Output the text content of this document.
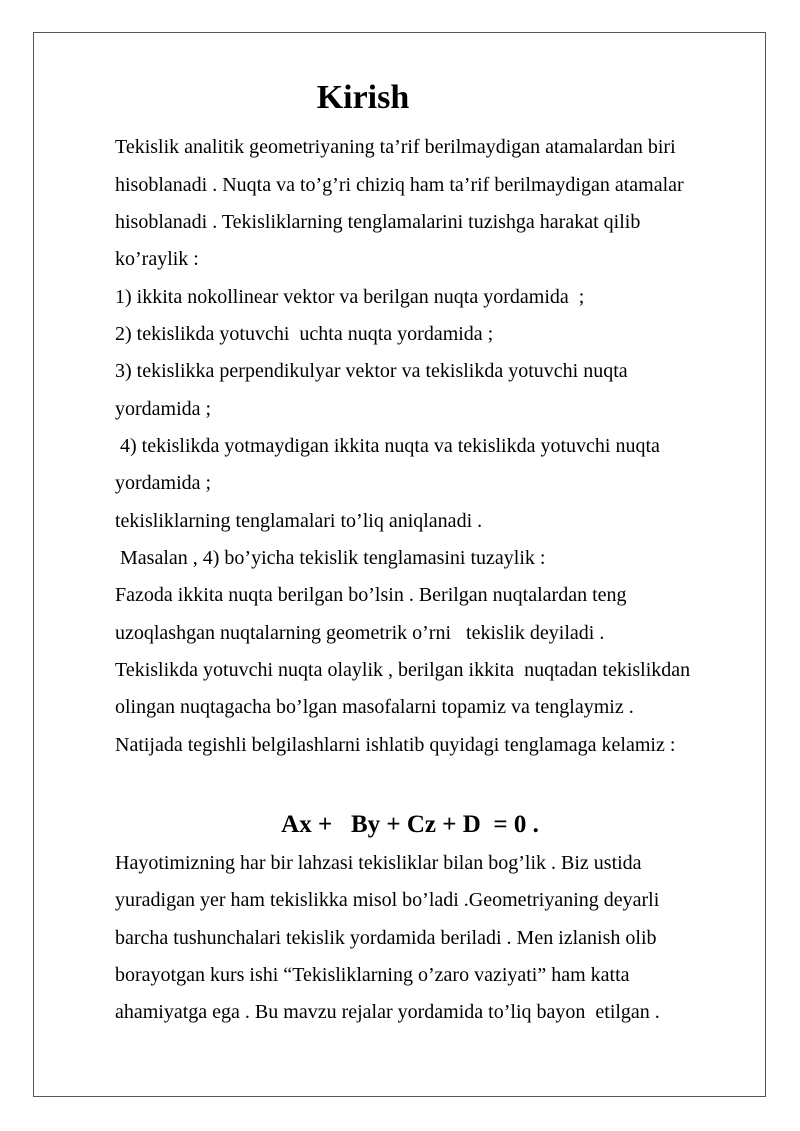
Kirish
Tekislik analitik geometriyaning ta’rif berilmaydigan atamalardan biri
hisoblanadi . Nuqta va to’g’ri chiziq ham ta’rif berilmaydigan atamalar
hisoblanadi . Tekisliklarning tenglamalarini tuzishga harakat qilib
ko’raylik :
1) ikkita nokollinear vektor va berilgan nuqta yordamida  ;
2) tekislikda yotuvchi  uchta nuqta yordamida ;
3) tekislikka perpendikulyar vektor va tekislikda yotuvchi nuqta
yordamida ;
4) tekislikda yotmaydigan ikkita nuqta va tekislikda yotuvchi nuqta
yordamida ;
tekisliklarning tenglamalari to’liq aniqlanadi .
Masalan , 4) bo’yicha tekislik tenglamasini tuzaylik :
Fazoda ikkita nuqta berilgan bo’lsin . Berilgan nuqtalardan teng
uzoqlashgan nuqtalarning geometrik o’rni   tekislik deyiladi .
Tekislikda yotuvchi nuqta olaylik , berilgan ikkita  nuqtadan tekislikdan
olingan nuqtagacha bo’lgan masofalarni topamiz va tenglaymiz .
Natijada tegishli belgilashlarni ishlatib quyidagi tenglamaga kelamiz :
Ax +   By + Cz + D  = 0 .
Hayotimizning har bir lahzasi tekisliklar bilan bog’lik . Biz ustida
yuradigan yer ham tekislikka misol bo’ladi .Geometriyaning deyarli
barcha tushunchalari tekislik yordamida beriladi . Men izlanish olib
borayotgan kurs ishi “Tekisliklarning o’zaro vaziyati” ham katta
ahamiyatga ega . Bu mavzu rejalar yordamida to’liq bayon  etilgan .
